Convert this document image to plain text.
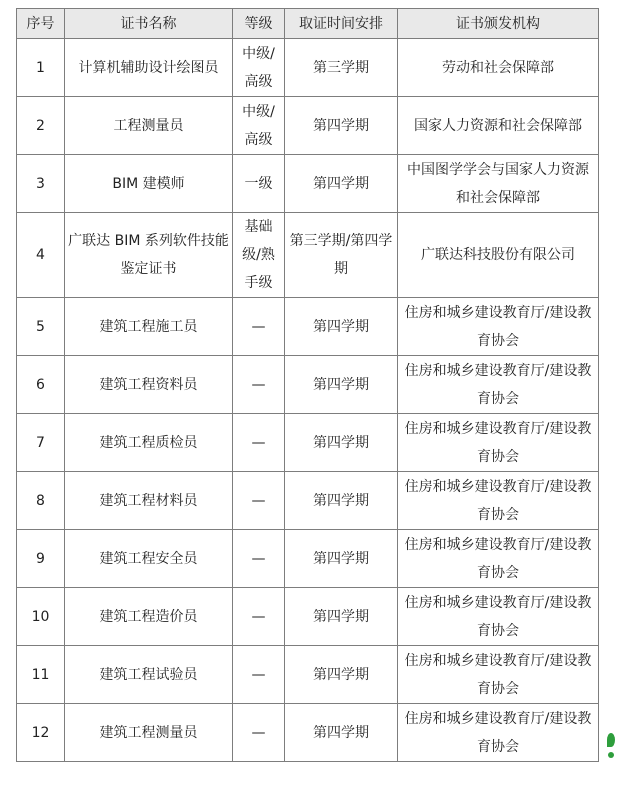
序号	证书名称	等级	取证时间安排	证书颁发机构
1	计算机辅助设计绘图员	中级/高级	第三学期	劳动和社会保障部
2	工程测量员	中级/高级	第四学期	国家人力资源和社会保障部
3	BIM 建模师	一级	第四学期	中国图学学会与国家人力资源和社会保障部
4	广联达 BIM 系列软件技能鉴定证书	基础级/熟手级	第三学期/第四学期	广联达科技股份有限公司
5	建筑工程施工员	—	第四学期	住房和城乡建设教育厅/建设教育协会
6	建筑工程资料员	—	第四学期	住房和城乡建设教育厅/建设教育协会
7	建筑工程质检员	—	第四学期	住房和城乡建设教育厅/建设教育协会
8	建筑工程材料员	—	第四学期	住房和城乡建设教育厅/建设教育协会
9	建筑工程安全员	—	第四学期	住房和城乡建设教育厅/建设教育协会
10	建筑工程造价员	—	第四学期	住房和城乡建设教育厅/建设教育协会
11	建筑工程试验员	—	第四学期	住房和城乡建设教育厅/建设教育协会
12	建筑工程测量员	—	第四学期	住房和城乡建设教育厅/建设教育协会
